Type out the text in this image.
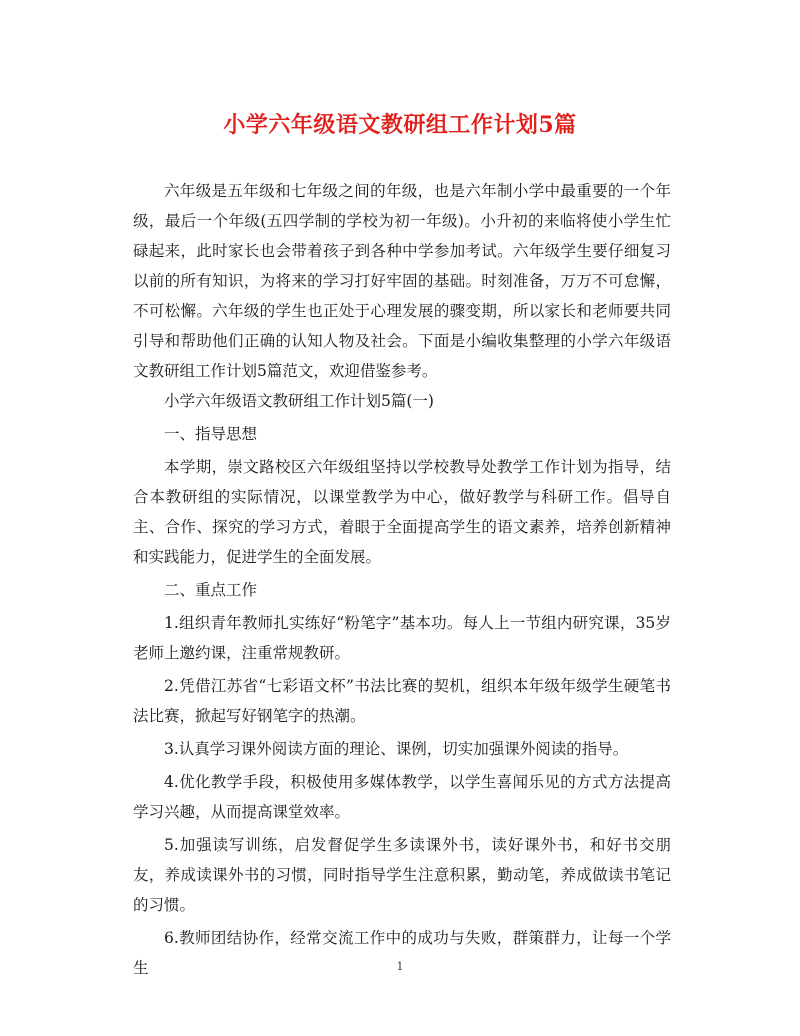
小学六年级语文教研组工作计划5篇

六年级是五年级和七年级之间的年级，也是六年制小学中最重要的一个年级，最后一个年级(五四学制的学校为初一年级)。小升初的来临将使小学生忙碌起来，此时家长也会带着孩子到各种中学参加考试。六年级学生要仔细复习以前的所有知识，为将来的学习打好牢固的基础。时刻准备，万万不可怠懈，不可松懈。六年级的学生也正处于心理发展的骤变期，所以家长和老师要共同引导和帮助他们正确的认知人物及社会。下面是小编收集整理的小学六年级语文教研组工作计划5篇范文，欢迎借鉴参考。

小学六年级语文教研组工作计划5篇(一)

一、指导思想

本学期，崇文路校区六年级组坚持以学校教导处教学工作计划为指导，结合本教研组的实际情况，以课堂教学为中心，做好教学与科研工作。倡导自主、合作、探究的学习方式，着眼于全面提高学生的语文素养，培养创新精神和实践能力，促进学生的全面发展。

二、重点工作

1.组织青年教师扎实练好“粉笔字”基本功。每人上一节组内研究课，35岁老师上邀约课，注重常规教研。

2.凭借江苏省“七彩语文杯”书法比赛的契机，组织本年级年级学生硬笔书法比赛，掀起写好钢笔字的热潮。

3.认真学习课外阅读方面的理论、课例，切实加强课外阅读的指导。

4.优化教学手段，积极使用多媒体教学，以学生喜闻乐见的方式方法提高学习兴趣，从而提高课堂效率。

5.加强读写训练，启发督促学生多读课外书，读好课外书，和好书交朋友，养成读课外书的习惯，同时指导学生注意积累，勤动笔，养成做读书笔记的习惯。

6.教师团结协作，经常交流工作中的成功与失败，群策群力，让每一个学生	1
